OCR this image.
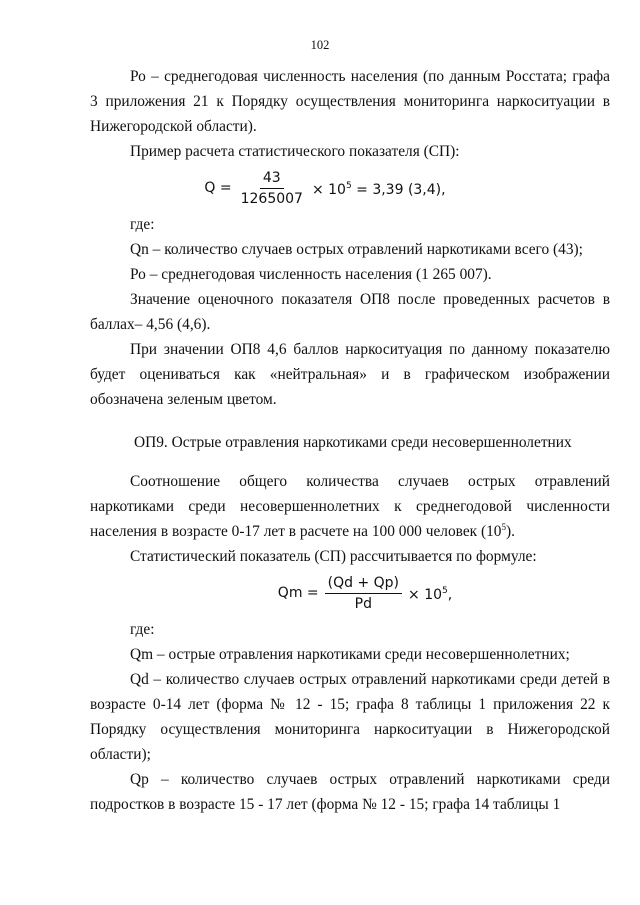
102

Ро – среднегодовая численность населения (по данным Росстата; графа 3 приложения 21 к Порядку осуществления мониторинга наркоситуации в Нижегородской области).

Пример расчета статистического показателя (СП):

$Q = \frac{43}{1265007} \times 10^5 = 3,39$ (3,4),

где:

Qn – количество случаев острых отравлений наркотиками всего (43);

Ро – среднегодовая численность населения (1 265 007).

Значение оценочного показателя ОП8 после проведенных расчетов в баллах– 4,56 (4,6).

При значении ОП8 4,6 баллов наркоситуация по данному показателю будет оцениваться как «нейтральная» и в графическом изображении обозначена зеленым цветом.

ОП9. Острые отравления наркотиками среди несовершеннолетних

Соотношение общего количества случаев острых отравлений наркотиками среди несовершеннолетних к среднегодовой численности населения в возрасте 0-17 лет в расчете на 100 000 человек (10$^5$).

Статистический показатель (СП) рассчитывается по формуле:

$Qm = \frac{(Qd + Qp)}{Pd} \times 10^5$,

где:

Qm – острые отравления наркотиками среди несовершеннолетних;

Qd – количество случаев острых отравлений наркотиками среди детей в возрасте 0-14 лет (форма № 12 - 15; графа 8 таблицы 1 приложения 22 к Порядку осуществления мониторинга наркоситуации в Нижегородской области);

Qp – количество случаев острых отравлений наркотиками среди подростков в возрасте 15 - 17 лет (форма № 12 - 15; графа 14 таблицы 1
